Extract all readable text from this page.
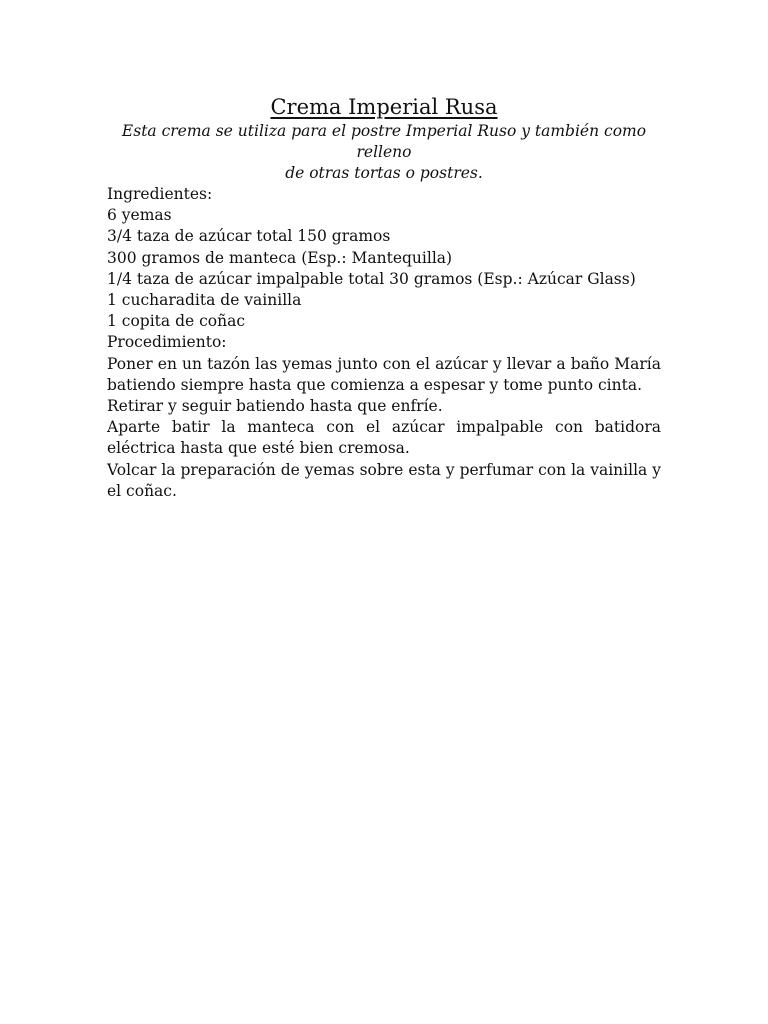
Crema Imperial Rusa

Esta crema se utiliza para el postre Imperial Ruso y también como relleno

de otras tortas o postres.

Ingredientes:

6 yemas
3/4 taza de azúcar total 150 gramos
300 gramos de manteca (Esp.: Mantequilla)
1/4 taza de azúcar impalpable total 30 gramos (Esp.: Azúcar Glass)
1 cucharadita de vainilla
1 copita de coñac

Procedimiento:

Poner en un tazón las yemas junto con el azúcar y llevar a baño María batiendo siempre hasta que comienza a espesar y tome punto cinta.

Retirar y seguir batiendo hasta que enfríe.

Aparte batir la manteca con el azúcar impalpable con batidora eléctrica hasta que esté bien cremosa.

Volcar la preparación de yemas sobre esta y perfumar con la vainilla y el coñac.
